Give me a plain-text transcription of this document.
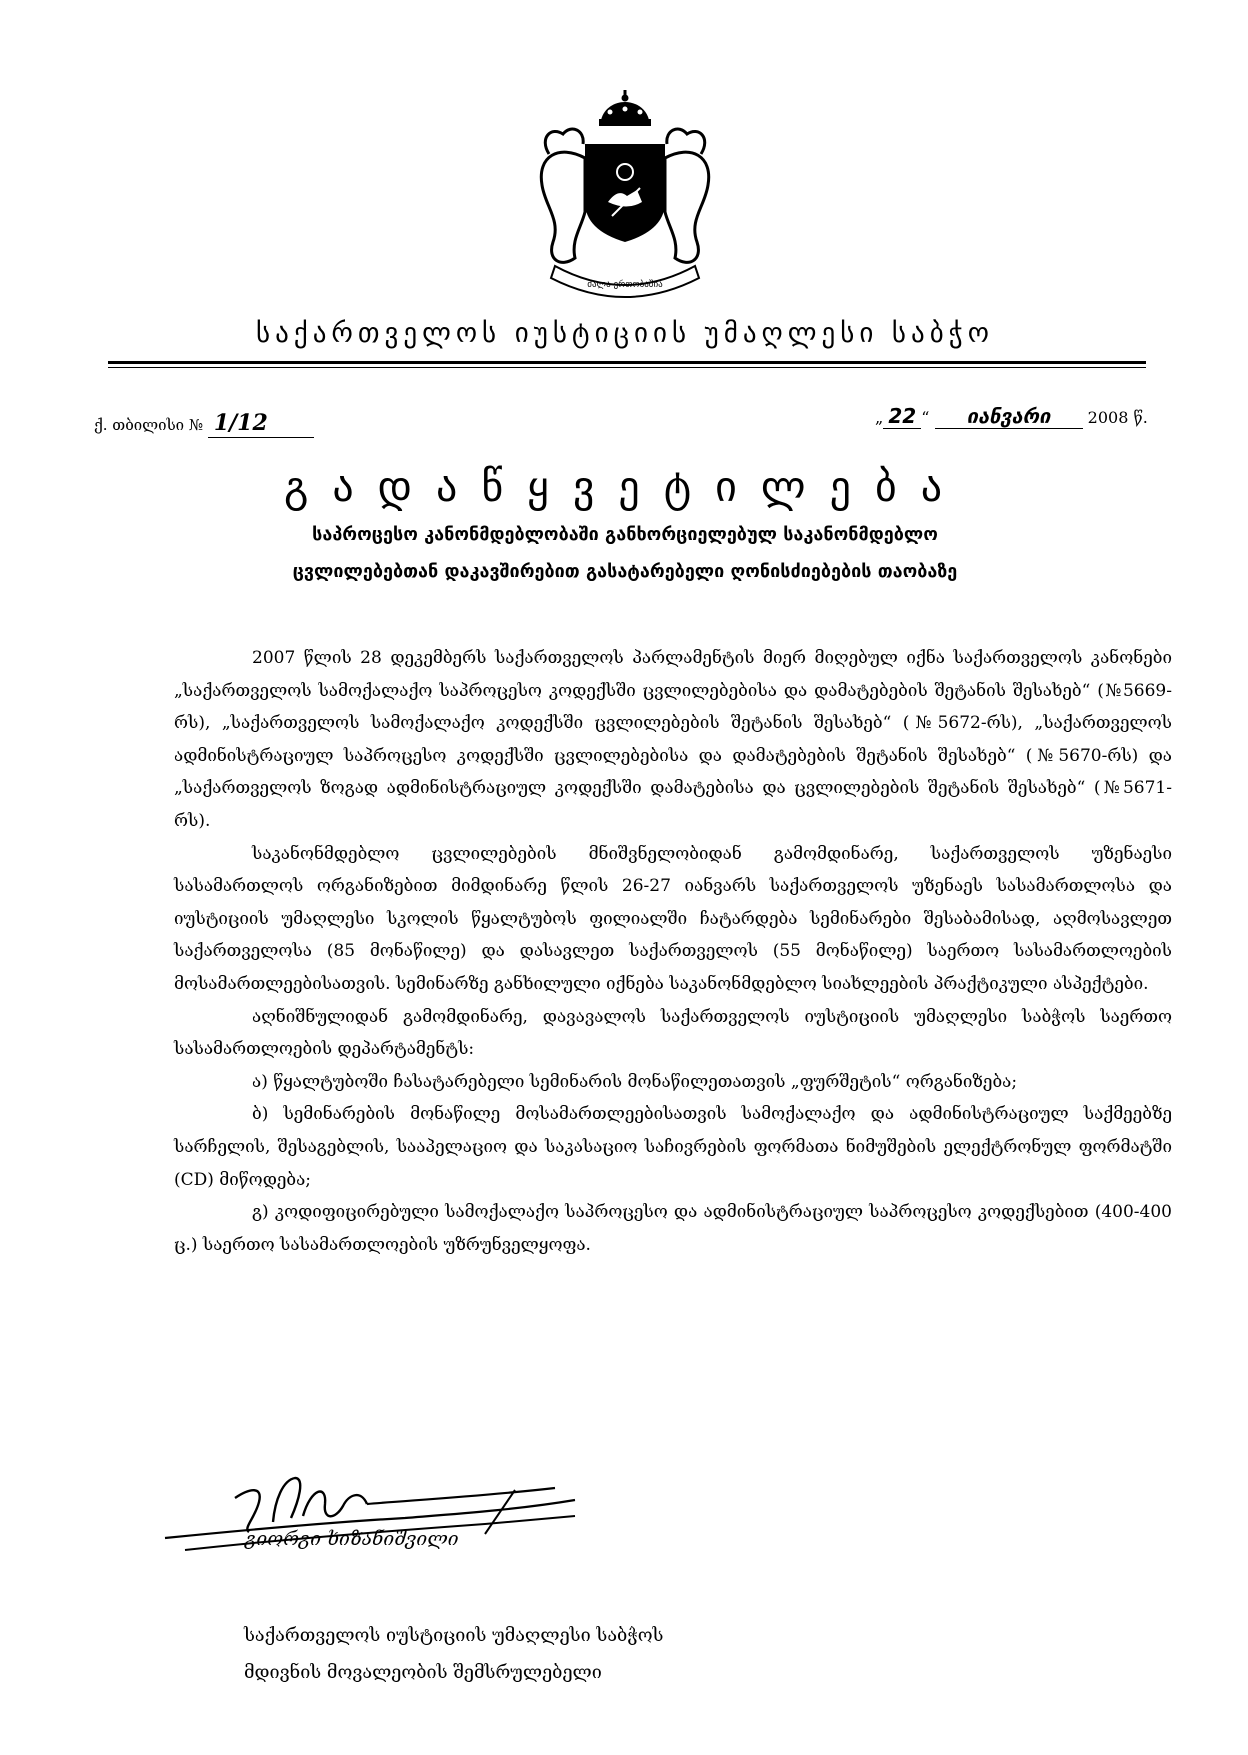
ძალა ერთობაშია
საქართველოს იუსტიციის უმაღლესი საბჭო
ქ. თბილისი № 1/12	„ 22 “ იანვარი 2008 წ.
გადაწყვეტილება
საპროცესო კანონმდებლობაში განხორციელებულ საკანონმდებლო
ცვლილებებთან დაკავშირებით გასატარებელი ღონისძიებების თაობაზე

2007 წლის 28 დეკემბერს საქართველოს პარლამენტის მიერ მიღებულ იქნა საქართველოს კანონები „საქართველოს სამოქალაქო საპროცესო კოდექსში ცვლილებებისა და დამატებების შეტანის შესახებ“ (№5669-რს), „საქართველოს სამოქალაქო კოდექსში ცვლილებების შეტანის შესახებ“ (№5672-რს), „საქართველოს ადმინისტრაციულ საპროცესო კოდექსში ცვლილებებისა და დამატებების შეტანის შესახებ“ (№5670-რს) და „საქართველოს ზოგად ადმინისტრაციულ კოდექსში დამატებისა და ცვლილებების შეტანის შესახებ“ (№5671-რს).

საკანონმდებლო ცვლილებების მნიშვნელობიდან გამომდინარე, საქართველოს უზენაესი სასამართლოს ორგანიზებით მიმდინარე წლის 26-27 იანვარს საქართველოს უზენაეს სასამართლოსა და იუსტიციის უმაღლესი სკოლის წყალტუბოს ფილიალში ჩატარდება სემინარები შესაბამისად, აღმოსავლეთ საქართველოსა (85 მონაწილე) და დასავლეთ საქართველოს (55 მონაწილე) საერთო სასამართლოების მოსამართლეებისათვის. სემინარზე განხილული იქნება საკანონმდებლო სიახლეების პრაქტიკული ასპექტები.

აღნიშნულიდან გამომდინარე, დავავალოს საქართველოს იუსტიციის უმაღლესი საბჭოს საერთო სასამართლოების დეპარტამენტს:

ა) წყალტუბოში ჩასატარებელი სემინარის მონაწილეთათვის „ფურშეტის“ ორგანიზება;

ბ) სემინარების მონაწილე მოსამართლეებისათვის სამოქალაქო და ადმინისტრაციულ საქმეებზე სარჩელის, შესაგებლის, სააპელაციო და საკასაციო საჩივრების ფორმათა ნიმუშების ელექტრონულ ფორმატში (CD) მიწოდება;

გ) კოდიფიცირებული სამოქალაქო საპროცესო და ადმინისტრაციულ საპროცესო კოდექსებით (400-400 ც.) საერთო სასამართლოების უზრუნველყოფა.

გიორგი ხიზანიშვილი
საქართველოს იუსტიციის უმაღლესი საბჭოს
მდივნის მოვალეობის შემსრულებელი
